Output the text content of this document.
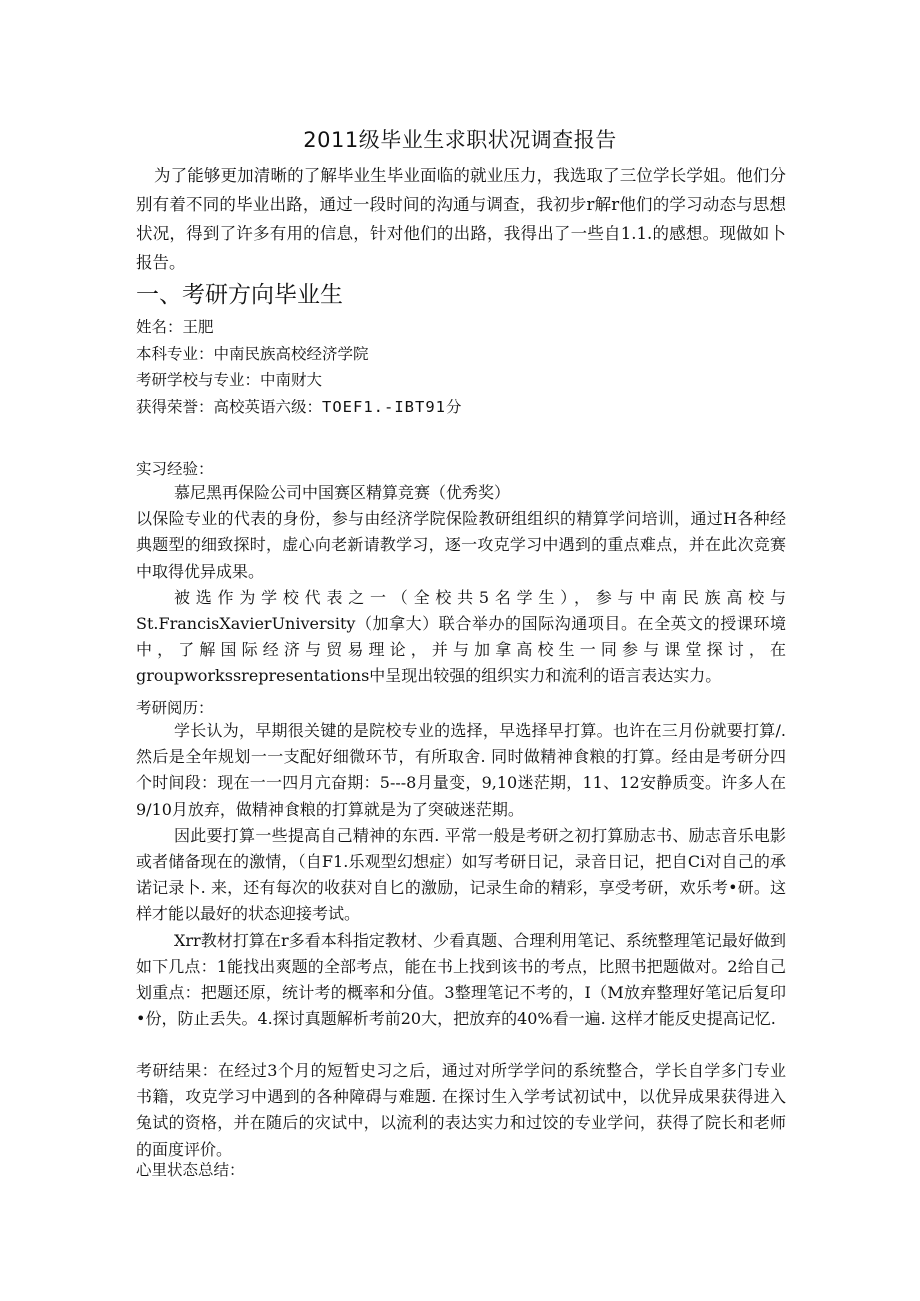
2011级毕业生求职状况调查报告
为了能够更加清晰的了解毕业生毕业面临的就业压力，我选取了三位学长学姐。他们分别有着不同的毕业出路，通过一段时间的沟通与调查，我初步r解r他们的学习动态与思想状况，得到了许多有用的信息，针对他们的出路，我得出了一些自1.1.的感想。现做如卜报告。
一、考研方向毕业生
姓名：王肥
本科专业：中南民族高校经济学院
考研学校与专业：中南财大
获得荣誉：高校英语六级：TOEF1.-IBT91分
实习经验：

慕尼黑再保险公司中国赛区精算竞赛（优秀奖）

以保险专业的代表的身份，参与由经济学院保险教研组组织的精算学问培训，通过H各种经典题型的细致探时，虚心向老新请教学习，逐一攻克学习中遇到的重点难点，并在此次竞赛中取得优异成果。

被选作为学校代表之一（全校共5名学生），参与中南民族高校与St.FrancisXavierUniversity（加拿大）联合举办的国际沟通项目。在全英文的授课环境中，了解国际经济与贸易理论，并与加拿高校生一同参与课堂探讨，在groupworkssrepresentations中呈现出较强的组织实力和流利的语言表达实力。

考研阅历：

学长认为，早期很关键的是院校专业的选择，早选择早打算。也许在三月份就要打算/. 然后是全年规划一一支配好细微环节，有所取舍. 同时做精神食粮的打算。经由是考研分四个时间段：现在一一四月亢奋期：5---8月量变，9,10迷茫期，11、12安静质变。许多人在9/10月放弃，做精神食粮的打算就是为了突破迷茫期。

因此要打算一些提高自己精神的东西. 平常一般是考研之初打算励志书、励志音乐电影 或者储备现在的激情，（自F1.乐观型幻想症）如写考研日记，录音日记，把自Ci对自己的承诺记录卜. 来，还有每次的收获对自匕的激励，记录生命的精彩，享受考研，欢乐考•研。这样才能以最好的状态迎接考试。

Xrr教材打算在r多看本科指定教材、少看真题、合理利用笔记、系统整理笔记最好做到如下几点：1能找出爽题的全部考点，能在书上找到该书的考点，比照书把题做对。2给自己划重点：把题还原，统计考的概率和分值。3整理笔记不考的，I（M放弃整理好笔记后复印•份，防止丢失。4.探讨真题解析考前20大，把放弃的40%看一遍. 这样才能反史提高记忆.

考研结果：在经过3个月的短暂史习之后，通过对所学学问的系统整合，学长自学多门专业书籍，攻克学习中遇到的各种障碍与难题. 在探讨生入学考试初试中，以优异成果获得进入兔试的资格，并在随后的灾试中，以流利的表达实力和过饺的专业学问，获得了院长和老师的面度评价。
心里状态总结：
